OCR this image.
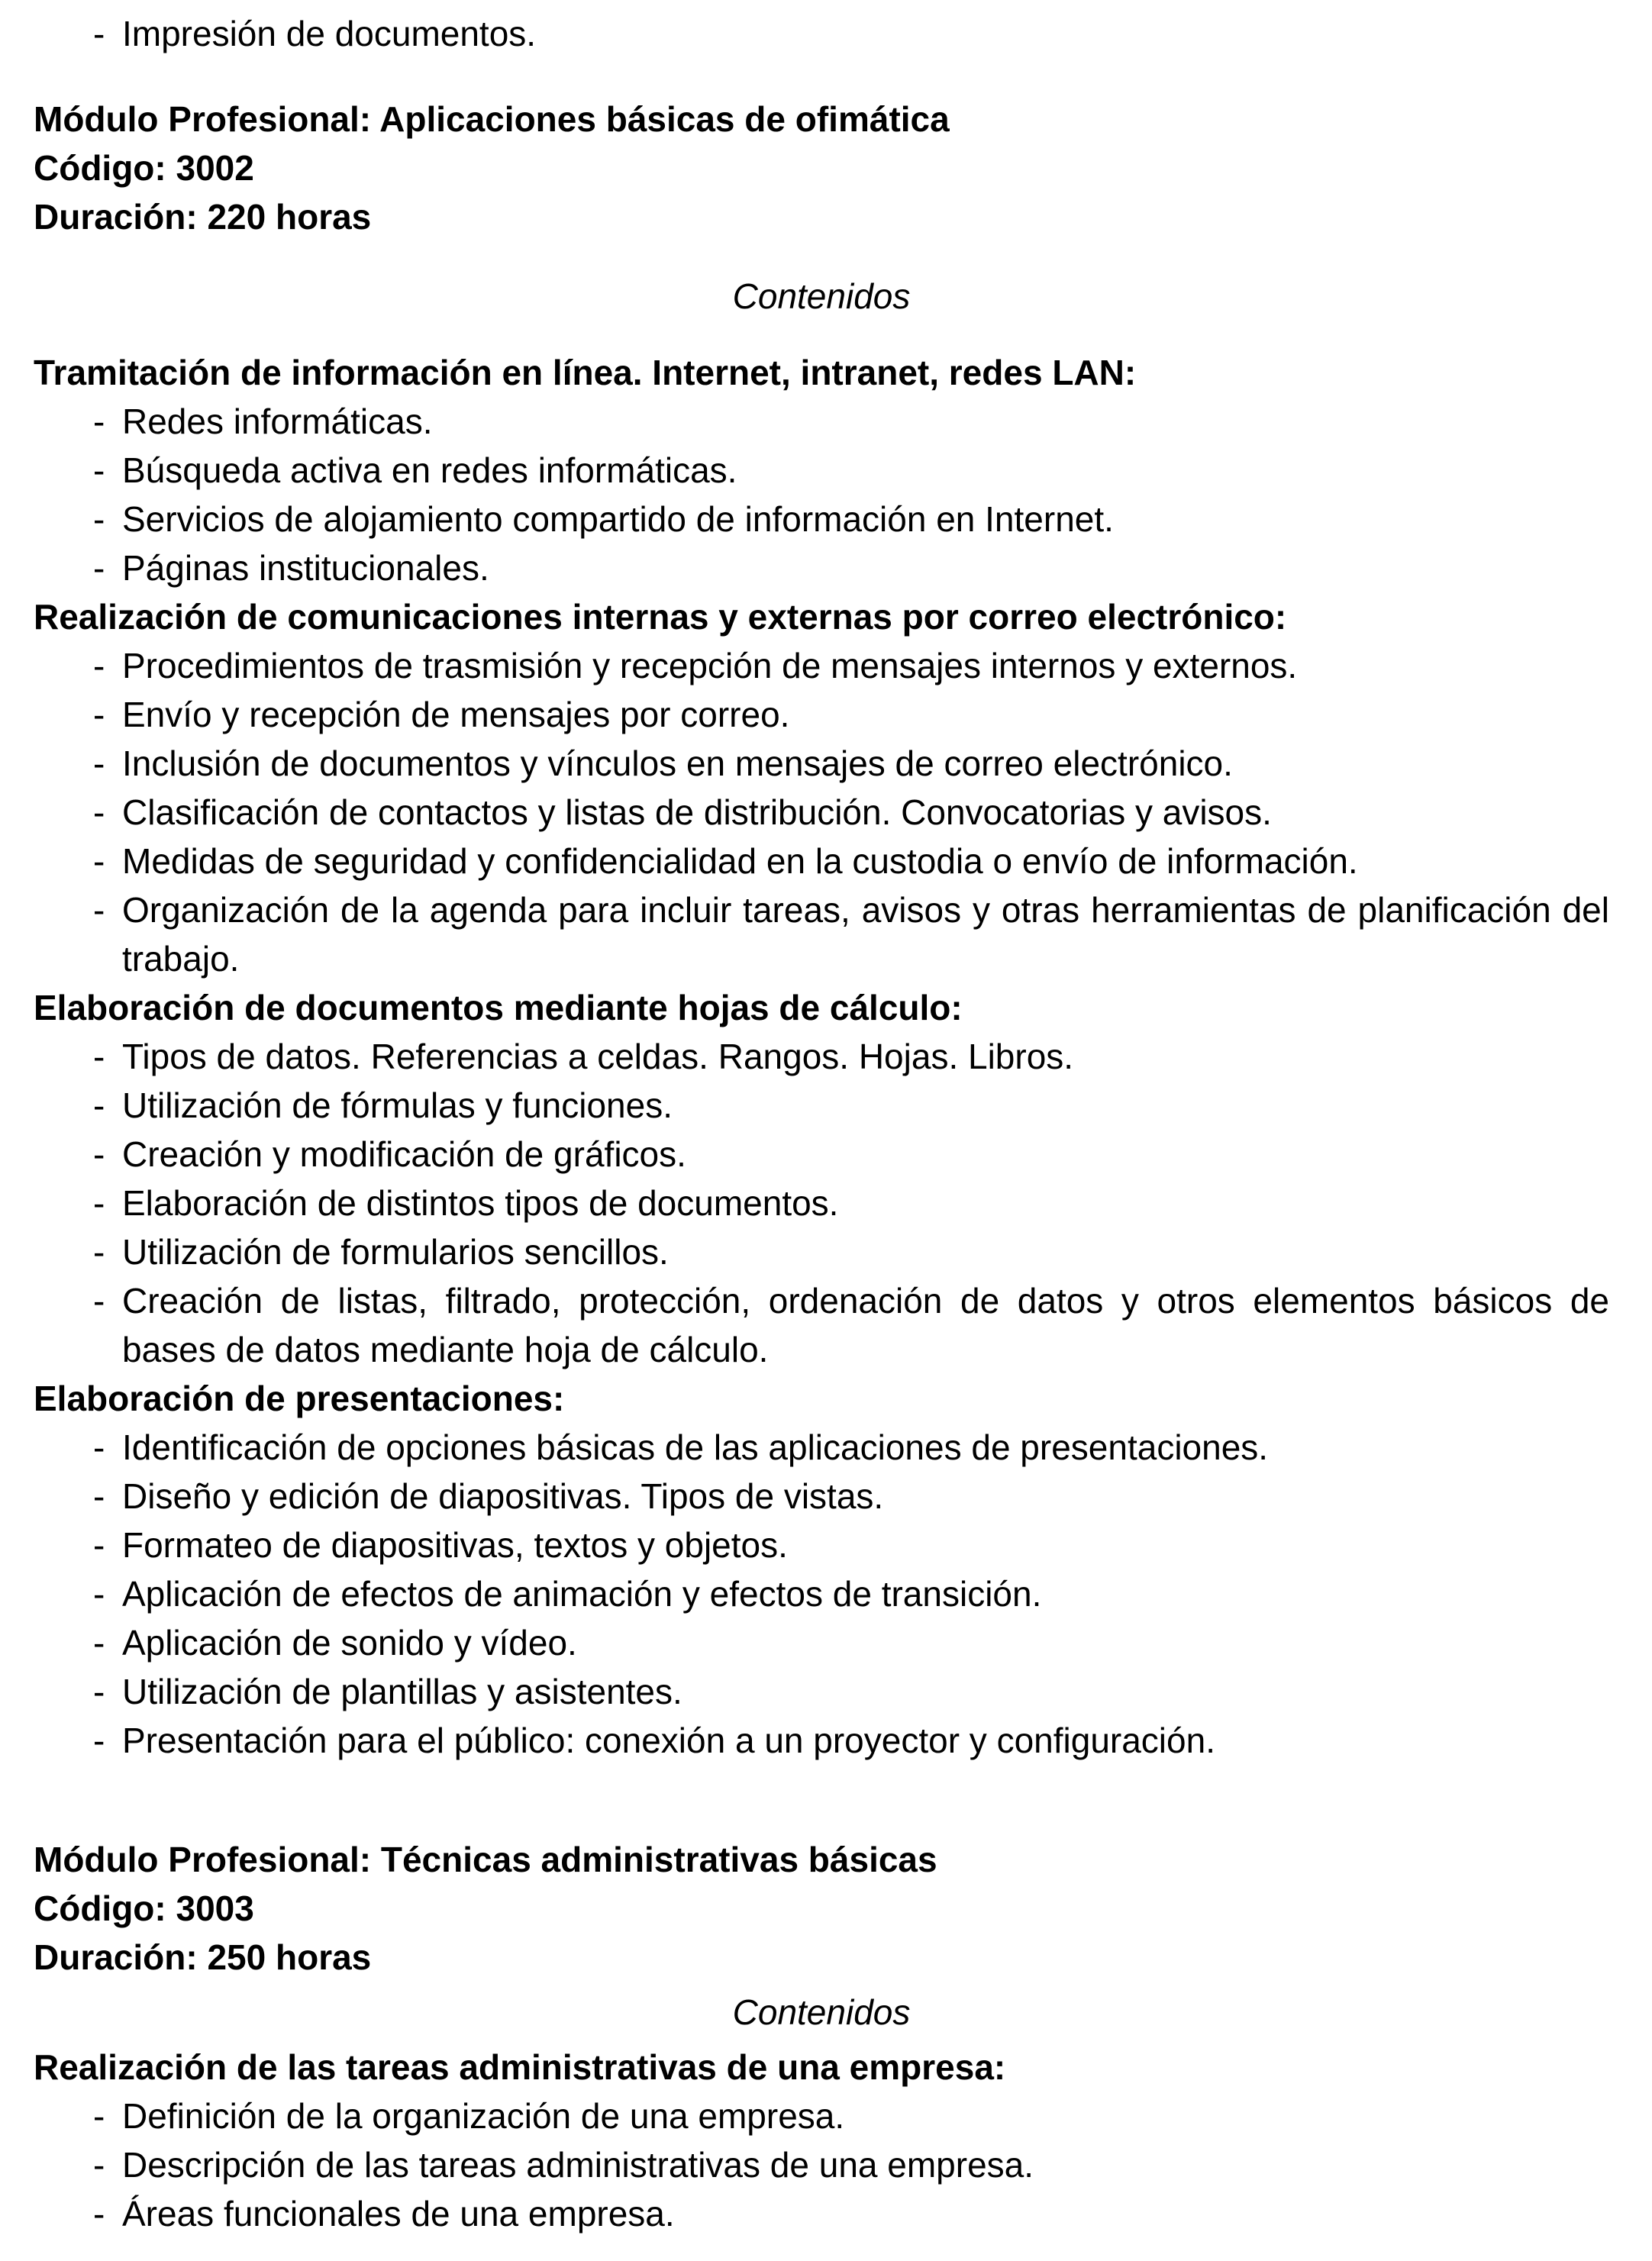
- Impresión de documentos.

Módulo Profesional: Aplicaciones básicas de ofimática

Código: 3002

Duración: 220 horas

Contenidos

Tramitación de información en línea. Internet, intranet, redes LAN:

- Redes informáticas.
- Búsqueda activa en redes informáticas.
- Servicios de alojamiento compartido de información en Internet.
- Páginas institucionales.

Realización de comunicaciones internas y externas por correo electrónico:

- Procedimientos de trasmisión y recepción de mensajes internos y externos.
- Envío y recepción de mensajes por correo.
- Inclusión de documentos y vínculos en mensajes de correo electrónico.
- Clasificación de contactos y listas de distribución. Convocatorias y avisos.
- Medidas de seguridad y confidencialidad en la custodia o envío de información.
- Organización de la agenda para incluir tareas, avisos y otras herramientas de planificación del trabajo.

Elaboración de documentos mediante hojas de cálculo:

- Tipos de datos. Referencias a celdas. Rangos. Hojas. Libros.
- Utilización de fórmulas y funciones.
- Creación y modificación de gráficos.
- Elaboración de distintos tipos de documentos.
- Utilización de formularios sencillos.
- Creación de listas, filtrado, protección, ordenación de datos y otros elementos básicos de bases de datos mediante hoja de cálculo.

Elaboración de presentaciones:

- Identificación de opciones básicas de las aplicaciones de presentaciones.
- Diseño y edición de diapositivas. Tipos de vistas.
- Formateo de diapositivas, textos y objetos.
- Aplicación de efectos de animación y efectos de transición.
- Aplicación de sonido y vídeo.
- Utilización de plantillas y asistentes.
- Presentación para el público: conexión a un proyector y configuración.

Módulo Profesional: Técnicas administrativas básicas

Código: 3003

Duración: 250 horas

Contenidos

Realización de las tareas administrativas de una empresa:

- Definición de la organización de una empresa.
- Descripción de las tareas administrativas de una empresa.
- Áreas funcionales de una empresa.
